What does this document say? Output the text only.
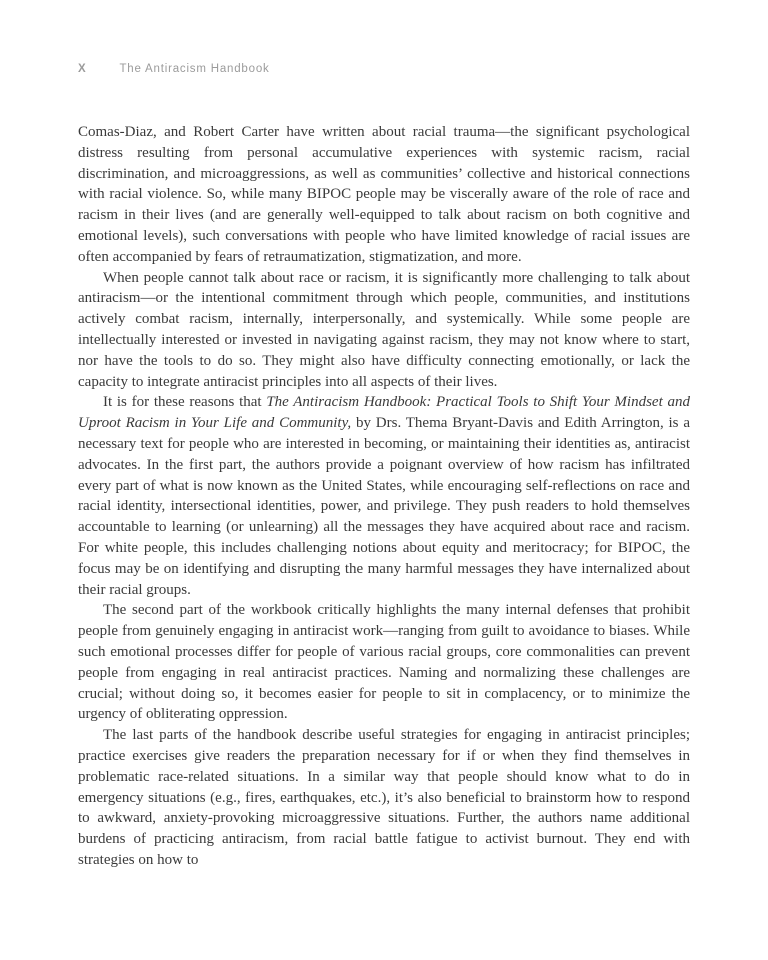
X	The Antiracism Handbook

Comas-Diaz, and Robert Carter have written about racial trauma—the significant psychological distress resulting from personal accumulative experiences with systemic racism, racial discrimination, and microaggressions, as well as communities’ collective and historical connections with racial violence. So, while many BIPOC people may be viscerally aware of the role of race and racism in their lives (and are generally well-equipped to talk about racism on both cognitive and emotional levels), such conversations with people who have limited knowledge of racial issues are often accompanied by fears of retraumatization, stigmatization, and more.

When people cannot talk about race or racism, it is significantly more challenging to talk about antiracism—or the intentional commitment through which people, communities, and institutions actively combat racism, internally, interpersonally, and systemically. While some people are intellectually interested or invested in navigating against racism, they may not know where to start, nor have the tools to do so. They might also have difficulty connecting emotionally, or lack the capacity to integrate antiracist principles into all aspects of their lives.

It is for these reasons that The Antiracism Handbook: Practical Tools to Shift Your Mindset and Uproot Racism in Your Life and Community, by Drs. Thema Bryant-Davis and Edith Arrington, is a necessary text for people who are interested in becoming, or maintaining their identities as, antiracist advocates. In the first part, the authors provide a poignant overview of how racism has infiltrated every part of what is now known as the United States, while encouraging self-reflections on race and racial identity, intersectional identities, power, and privilege. They push readers to hold themselves accountable to learning (or unlearning) all the messages they have acquired about race and racism. For white people, this includes challenging notions about equity and meritocracy; for BIPOC, the focus may be on identifying and disrupting the many harmful messages they have internalized about their racial groups.

The second part of the workbook critically highlights the many internal defenses that prohibit people from genuinely engaging in antiracist work—ranging from guilt to avoidance to biases. While such emotional processes differ for people of various racial groups, core commonalities can prevent people from engaging in real antiracist practices. Naming and normalizing these challenges are crucial; without doing so, it becomes easier for people to sit in complacency, or to minimize the urgency of obliterating oppression.

The last parts of the handbook describe useful strategies for engaging in antiracist principles; practice exercises give readers the preparation necessary for if or when they find themselves in problematic race-related situations. In a similar way that people should know what to do in emergency situations (e.g., fires, earthquakes, etc.), it’s also beneficial to brainstorm how to respond to awkward, anxiety-provoking microaggressive situations. Further, the authors name additional burdens of practicing antiracism, from racial battle fatigue to activist burnout. They end with strategies on how to
